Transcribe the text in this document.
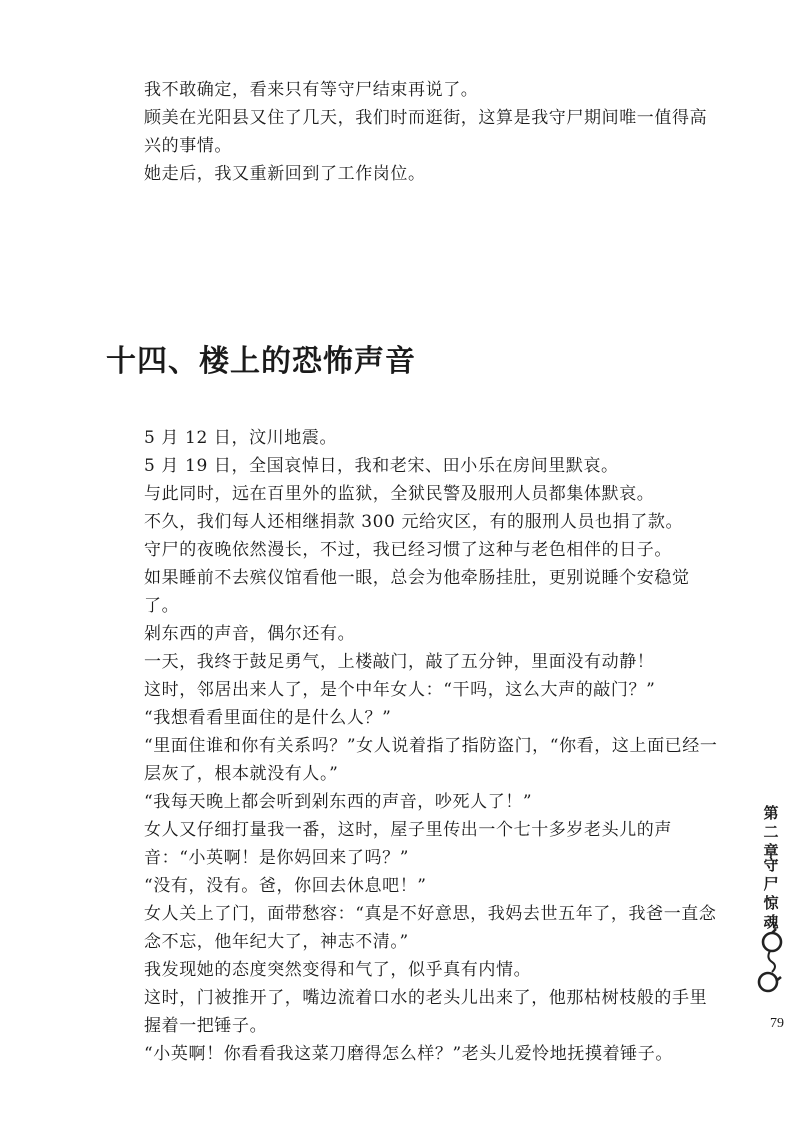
我不敢确定，看来只有等守尸结束再说了。

顾美在光阳县又住了几天，我们时而逛街，这算是我守尸期间唯一值得高兴的事情。

她走后，我又重新回到了工作岗位。

十四、楼上的恐怖声音

5 月 12 日，汶川地震。

5 月 19 日，全国哀悼日，我和老宋、田小乐在房间里默哀。

与此同时，远在百里外的监狱，全狱民警及服刑人员都集体默哀。

不久，我们每人还相继捐款 300 元给灾区，有的服刑人员也捐了款。

守尸的夜晚依然漫长，不过，我已经习惯了这种与老色相伴的日子。

如果睡前不去殡仪馆看他一眼，总会为他牵肠挂肚，更别说睡个安稳觉了。

剁东西的声音，偶尔还有。

一天，我终于鼓足勇气，上楼敲门，敲了五分钟，里面没有动静！

这时，邻居出来人了，是个中年女人：“干吗，这么大声的敲门？”

“我想看看里面住的是什么人？”

“里面住谁和你有关系吗？”女人说着指了指防盗门，“你看，这上面已经一层灰了，根本就没有人。”

“我每天晚上都会听到剁东西的声音，吵死人了！”

女人又仔细打量我一番，这时，屋子里传出一个七十多岁老头儿的声音：“小英啊！是你妈回来了吗？”

“没有，没有。爸，你回去休息吧！”

女人关上了门，面带愁容：“真是不好意思，我妈去世五年了，我爸一直念念不忘，他年纪大了，神志不清。”

我发现她的态度突然变得和气了，似乎真有内情。

这时，门被推开了，嘴边流着口水的老头儿出来了，他那枯树枝般的手里握着一把锤子。

“小英啊！你看看我这菜刀磨得怎么样？”老头儿爱怜地抚摸着锤子。

第二章
守尸惊魂
79
